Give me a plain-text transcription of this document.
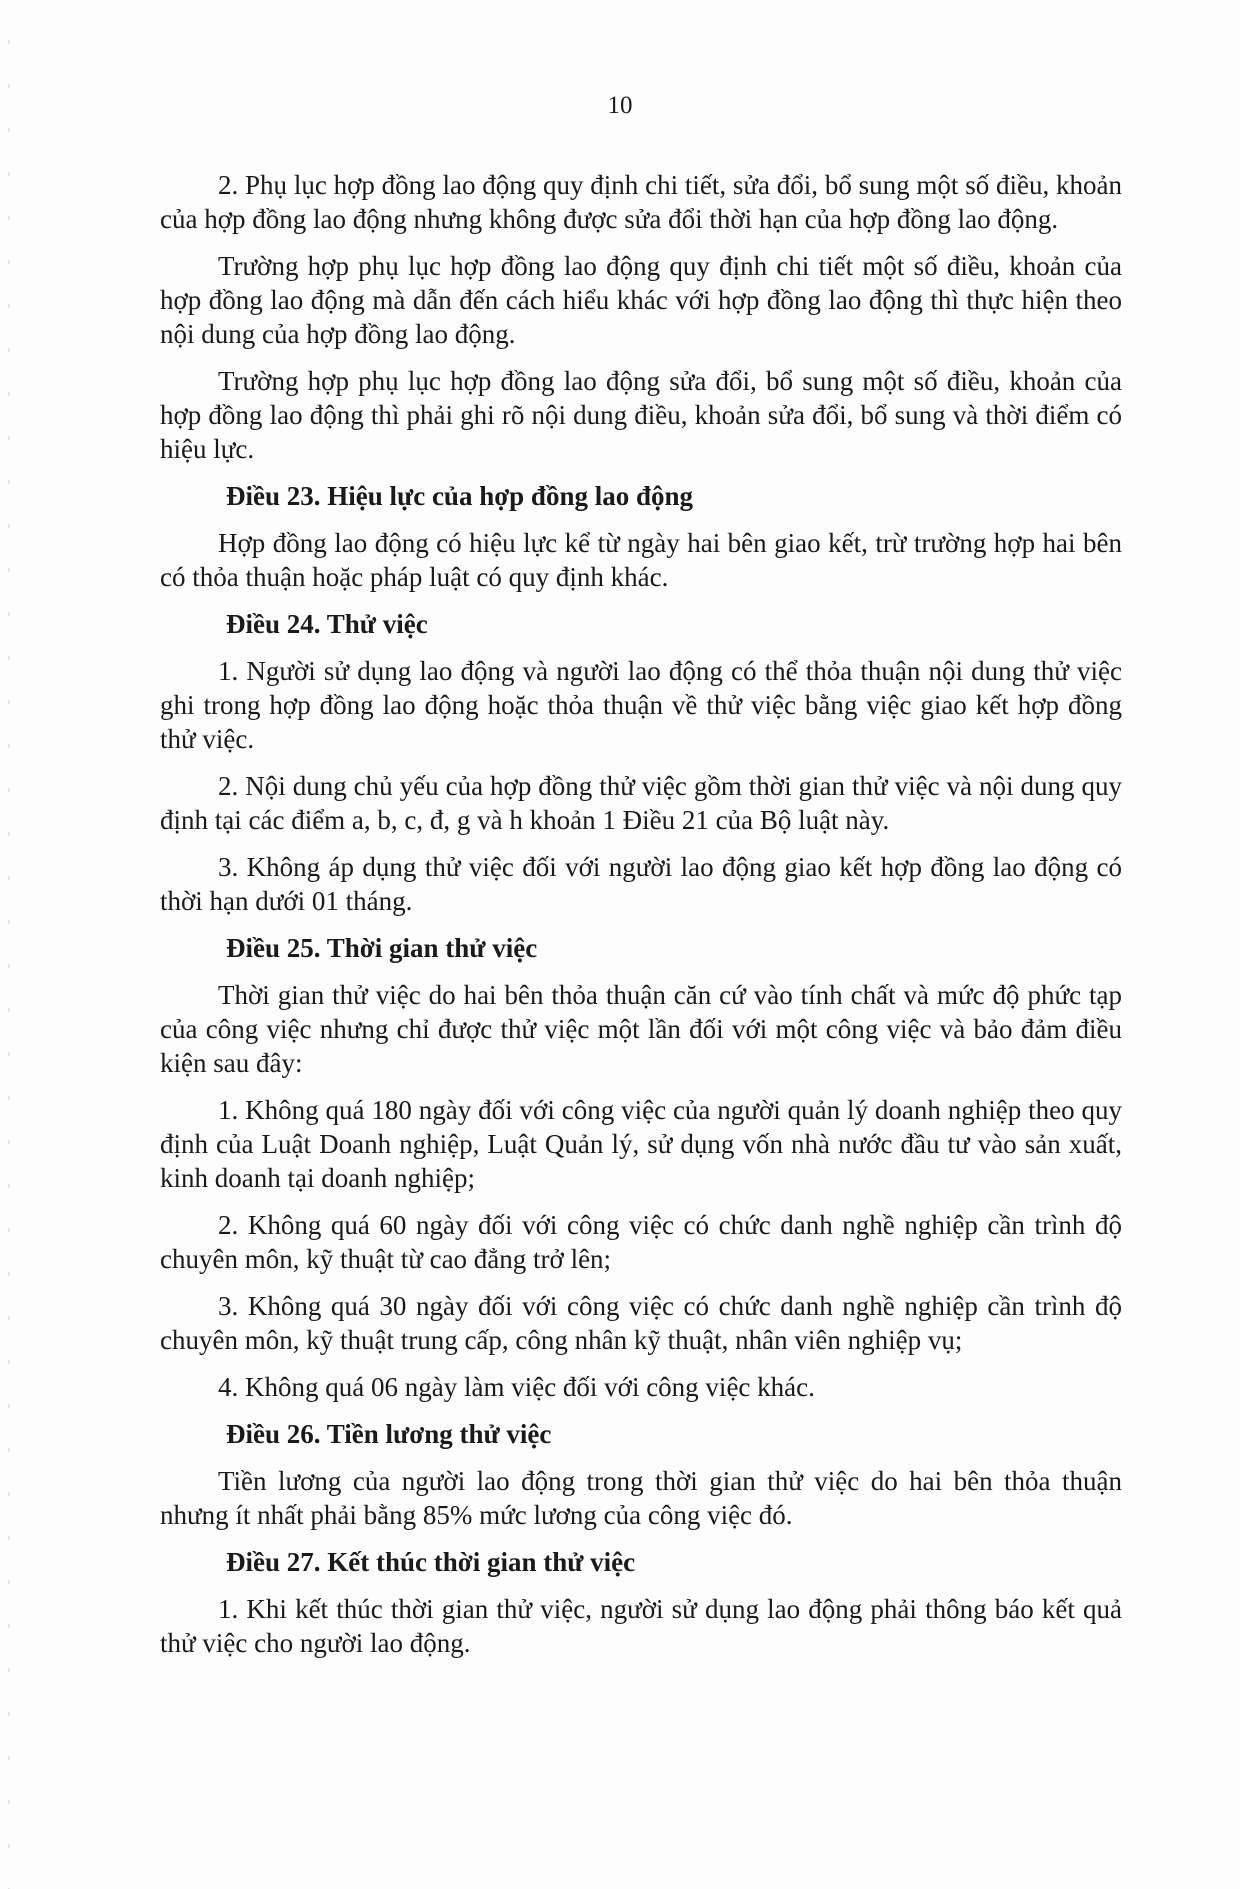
10

2. Phụ lục hợp đồng lao động quy định chi tiết, sửa đổi, bổ sung một số điều, khoản của hợp đồng lao động nhưng không được sửa đổi thời hạn của hợp đồng lao động.

Trường hợp phụ lục hợp đồng lao động quy định chi tiết một số điều, khoản của hợp đồng lao động mà dẫn đến cách hiểu khác với hợp đồng lao động thì thực hiện theo nội dung của hợp đồng lao động.

Trường hợp phụ lục hợp đồng lao động sửa đổi, bổ sung một số điều, khoản của hợp đồng lao động thì phải ghi rõ nội dung điều, khoản sửa đổi, bổ sung và thời điểm có hiệu lực.

Điều 23. Hiệu lực của hợp đồng lao động

Hợp đồng lao động có hiệu lực kể từ ngày hai bên giao kết, trừ trường hợp hai bên có thỏa thuận hoặc pháp luật có quy định khác.

Điều 24. Thử việc

1. Người sử dụng lao động và người lao động có thể thỏa thuận nội dung thử việc ghi trong hợp đồng lao động hoặc thỏa thuận về thử việc bằng việc giao kết hợp đồng thử việc.

2. Nội dung chủ yếu của hợp đồng thử việc gồm thời gian thử việc và nội dung quy định tại các điểm a, b, c, đ, g và h khoản 1 Điều 21 của Bộ luật này.

3. Không áp dụng thử việc đối với người lao động giao kết hợp đồng lao động có thời hạn dưới 01 tháng.

Điều 25. Thời gian thử việc

Thời gian thử việc do hai bên thỏa thuận căn cứ vào tính chất và mức độ phức tạp của công việc nhưng chỉ được thử việc một lần đối với một công việc và bảo đảm điều kiện sau đây:

1. Không quá 180 ngày đối với công việc của người quản lý doanh nghiệp theo quy định của Luật Doanh nghiệp, Luật Quản lý, sử dụng vốn nhà nước đầu tư vào sản xuất, kinh doanh tại doanh nghiệp;

2. Không quá 60 ngày đối với công việc có chức danh nghề nghiệp cần trình độ chuyên môn, kỹ thuật từ cao đẳng trở lên;

3. Không quá 30 ngày đối với công việc có chức danh nghề nghiệp cần trình độ chuyên môn, kỹ thuật trung cấp, công nhân kỹ thuật, nhân viên nghiệp vụ;

4. Không quá 06 ngày làm việc đối với công việc khác.

Điều 26. Tiền lương thử việc

Tiền lương của người lao động trong thời gian thử việc do hai bên thỏa thuận nhưng ít nhất phải bằng 85% mức lương của công việc đó.

Điều 27. Kết thúc thời gian thử việc

1. Khi kết thúc thời gian thử việc, người sử dụng lao động phải thông báo kết quả thử việc cho người lao động.
